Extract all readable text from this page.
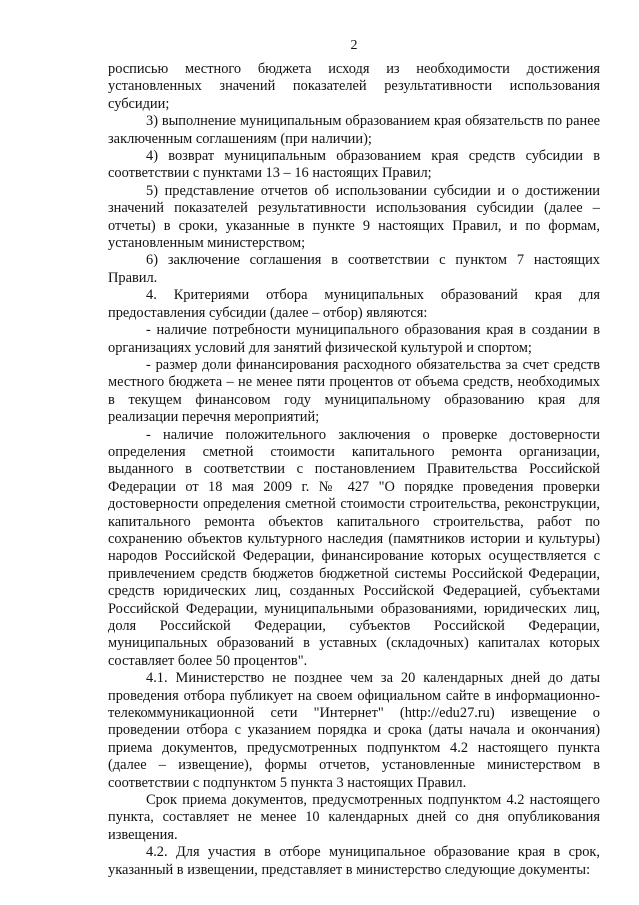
2

росписью местного бюджета исходя из необходимости достижения установленных значений показателей результативности использования субсидии;

3) выполнение муниципальным образованием края обязательств по ранее заключенным соглашениям (при наличии);

4) возврат муниципальным образованием края средств субсидии в соответствии с пунктами 13 – 16 настоящих Правил;

5) представление отчетов об использовании субсидии и о достижении значений показателей результативности использования субсидии (далее – отчеты) в сроки, указанные в пункте 9 настоящих Правил, и по формам, установленным министерством;

6) заключение соглашения в соответствии с пунктом 7 настоящих Правил.

4. Критериями отбора муниципальных образований края для предоставления субсидии (далее – отбор) являются:

- наличие потребности муниципального образования края в создании в организациях условий для занятий физической культурой и спортом;

- размер доли финансирования расходного обязательства за счет средств местного бюджета – не менее пяти процентов от объема средств, необходимых в текущем финансовом году муниципальному образованию края для реализации перечня мероприятий;

- наличие положительного заключения о проверке достоверности определения сметной стоимости капитального ремонта организации, выданного в соответствии с постановлением Правительства Российской Федерации от 18 мая 2009 г. № 427 "О порядке проведения проверки достоверности определения сметной стоимости строительства, реконструкции, капитального ремонта объектов капитального строительства, работ по сохранению объектов культурного наследия (памятников истории и культуры) народов Российской Федерации, финансирование которых осуществляется с привлечением средств бюджетов бюджетной системы Российской Федерации, средств юридических лиц, созданных Российской Федерацией, субъектами Российской Федерации, муниципальными образованиями, юридических лиц, доля Российской Федерации, субъектов Российской Федерации, муниципальных образований в уставных (складочных) капиталах которых составляет более 50 процентов".

4.1. Министерство не позднее чем за 20 календарных дней до даты проведения отбора публикует на своем официальном сайте в информационно-телекоммуникационной сети "Интернет" (http://edu27.ru) извещение о проведении отбора с указанием порядка и срока (даты начала и окончания) приема документов, предусмотренных подпунктом 4.2 настоящего пункта (далее – извещение), формы отчетов, установленные министерством в соответствии с подпунктом 5 пункта 3 настоящих Правил.

Срок приема документов, предусмотренных подпунктом 4.2 настоящего пункта, составляет не менее 10 календарных дней со дня опубликования извещения.

4.2. Для участия в отборе муниципальное образование края в срок, указанный в извещении, представляет в министерство следующие документы:
